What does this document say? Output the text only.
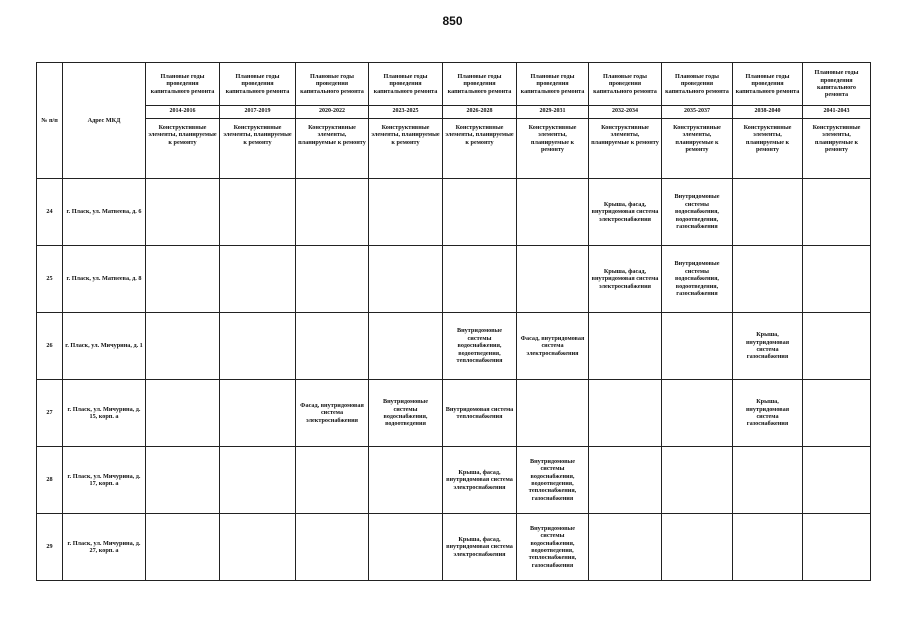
850
№ п/п	Адрес МКД	Плановые годы проведения капитального ремонта	Плановые годы проведения капитального ремонта	Плановые годы проведения капитального ремонта	Плановые годы проведения капитального ремонта	Плановые годы проведения капитального ремонта	Плановые годы проведения капитального ремонта	Плановые годы проведения капитального ремонта	Плановые годы проведения капитального ремонта	Плановые годы проведения капитального ремонта	Плановые годы проведения капитального ремонта
		2014-2016	2017-2019	2020-2022	2023-2025	2026-2028	2029-2031	2032-2034	2035-2037	2038-2040	2041-2043
		Конструктивные элементы, планируемые к ремонту	Конструктивные элементы, планируемые к ремонту	Конструктивные элементы, планируемые к ремонту	Конструктивные элементы, планируемые к ремонту	Конструктивные элементы, планируемые к ремонту	Конструктивные элементы, планируемые к ремонту	Конструктивные элементы, планируемые к ремонту	Конструктивные элементы, планируемые к ремонту	Конструктивные элементы, планируемые к ремонту	Конструктивные элементы, планируемые к ремонту
24	г. Пласк, ул. Матвеева, д. 6							Крыша, фасад, внутридомовая система электроснабжения	Внутридомовые системы водоснабжения, водоотведения, газоснабжения		
25	г. Пласк, ул. Матвеева, д. 8							Крыша, фасад, внутридомовая система электроснабжения	Внутридомовые системы водоснабжения, водоотведения, газоснабжения		
26	г. Пласк, ул. Мичурина, д. 1					Внутридомовые системы водоснабжения, водоотведения, теплоснабжения	Фасад, внутридомовая система электроснабжения			Крыша, внутридомовая система газоснабжения	
27	г. Пласк, ул. Мичурина, д. 15, корп. а			Фасад, внутридомовая система электроснабжения	Внутридомовые системы водоснабжения, водоотведения	Внутридомовая система теплоснабжения				Крыша, внутридомовая система газоснабжения	
28	г. Пласк, ул. Мичурина, д. 17, корп. а					Крыша, фасад, внутридомовая система электроснабжения	Внутридомовые системы водоснабжения, водоотведения, теплоснабжения, газоснабжения				
29	г. Пласк, ул. Мичурина, д. 27, корп. а					Крыша, фасад, внутридомовая система электроснабжения	Внутридомовые системы водоснабжения, водоотведения, теплоснабжения, газоснабжения				
